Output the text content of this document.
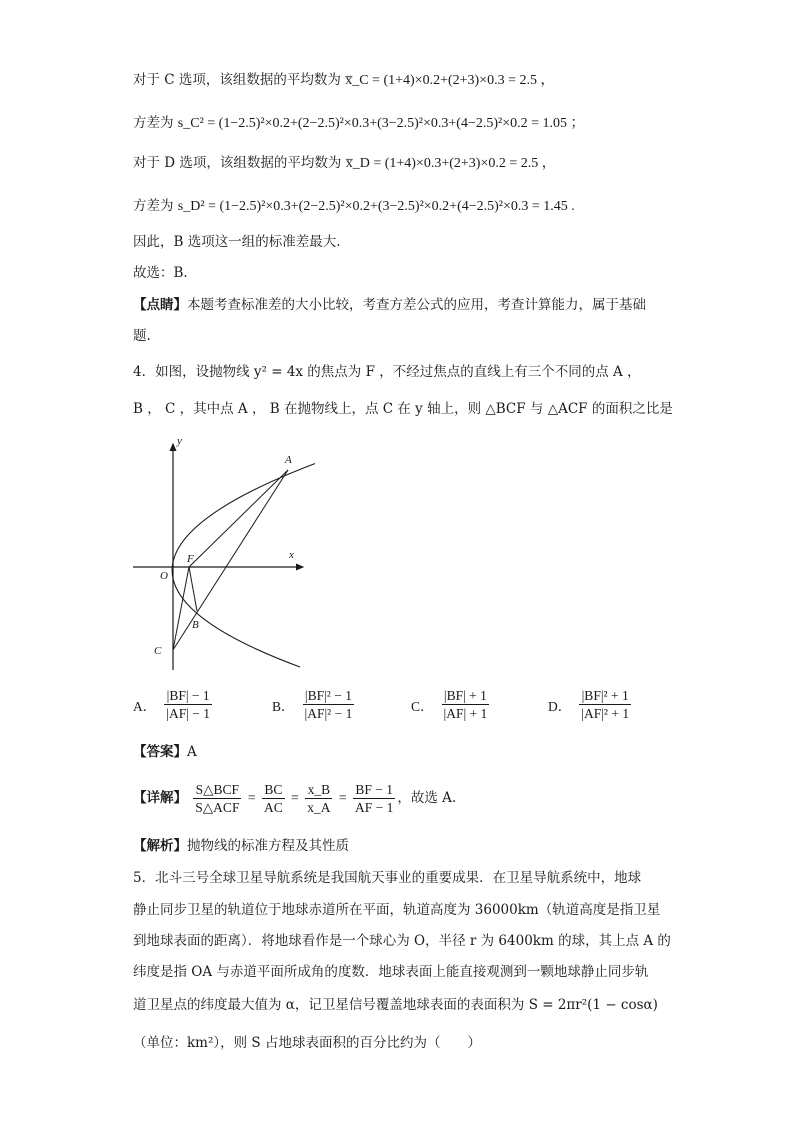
对于 C 选项，该组数据的平均数为 x̅_C = (1+4)×0.2+(2+3)×0.3 = 2.5 ，
方差为 s_C² = (1−2.5)²×0.2+(2−2.5)²×0.3+(3−2.5)²×0.3+(4−2.5)²×0.2 = 1.05 ；
对于 D 选项，该组数据的平均数为 x̅_D = (1+4)×0.3+(2+3)×0.2 = 2.5 ，
方差为 s_D² = (1−2.5)²×0.3+(2−2.5)²×0.2+(3−2.5)²×0.2+(4−2.5)²×0.3 = 1.45 .
因此，B 选项这一组的标准差最大.
故选：B.
【点睛】本题考查标准差的大小比较，考查方差公式的应用，考查计算能力，属于基础
题.
4．如图，设抛物线 y² = 4x 的焦点为 F ，不经过焦点的直线上有三个不同的点 A ，
B ， C ，其中点 A ， B 在抛物线上，点 C 在 y 轴上，则 △BCF 与 △ACF 的面积之比是
y
x
O
F
A
B
C
A． $\frac{|BF| - 1}{|AF| - 1}$	B． $\frac{\text{|BF|² − 1}}{\text{|AF|² − 1}}$	C． $\frac{|BF| + 1}{|AF| + 1}$	D． $\frac{\text{|BF|² + 1}}{\text{|AF|² + 1}}$
【答案】A
【详解】 $\frac{\text{S△BCF}}{\text{S△ACF}} = \frac{BC}{AC} = \frac{x\_B}{x\_A} = \frac{BF - 1}{AF - 1}$ ，故选 A.
【解析】抛物线的标准方程及其性质
5．北斗三号全球卫星导航系统是我国航天事业的重要成果．在卫星导航系统中，地球
静止同步卫星的轨道位于地球赤道所在平面，轨道高度为 36000km（轨道高度是指卫星
到地球表面的距离）．将地球看作是一个球心为 O，半径 r 为 6400km 的球，其上点 A 的
纬度是指 OA 与赤道平面所成角的度数．地球表面上能直接观测到一颗地球静止同步轨
道卫星点的纬度最大值为 α，记卫星信号覆盖地球表面的表面积为 S = 2πr²(1 − cosα)
（单位：km²），则 S 占地球表面积的百分比约为（　　）
